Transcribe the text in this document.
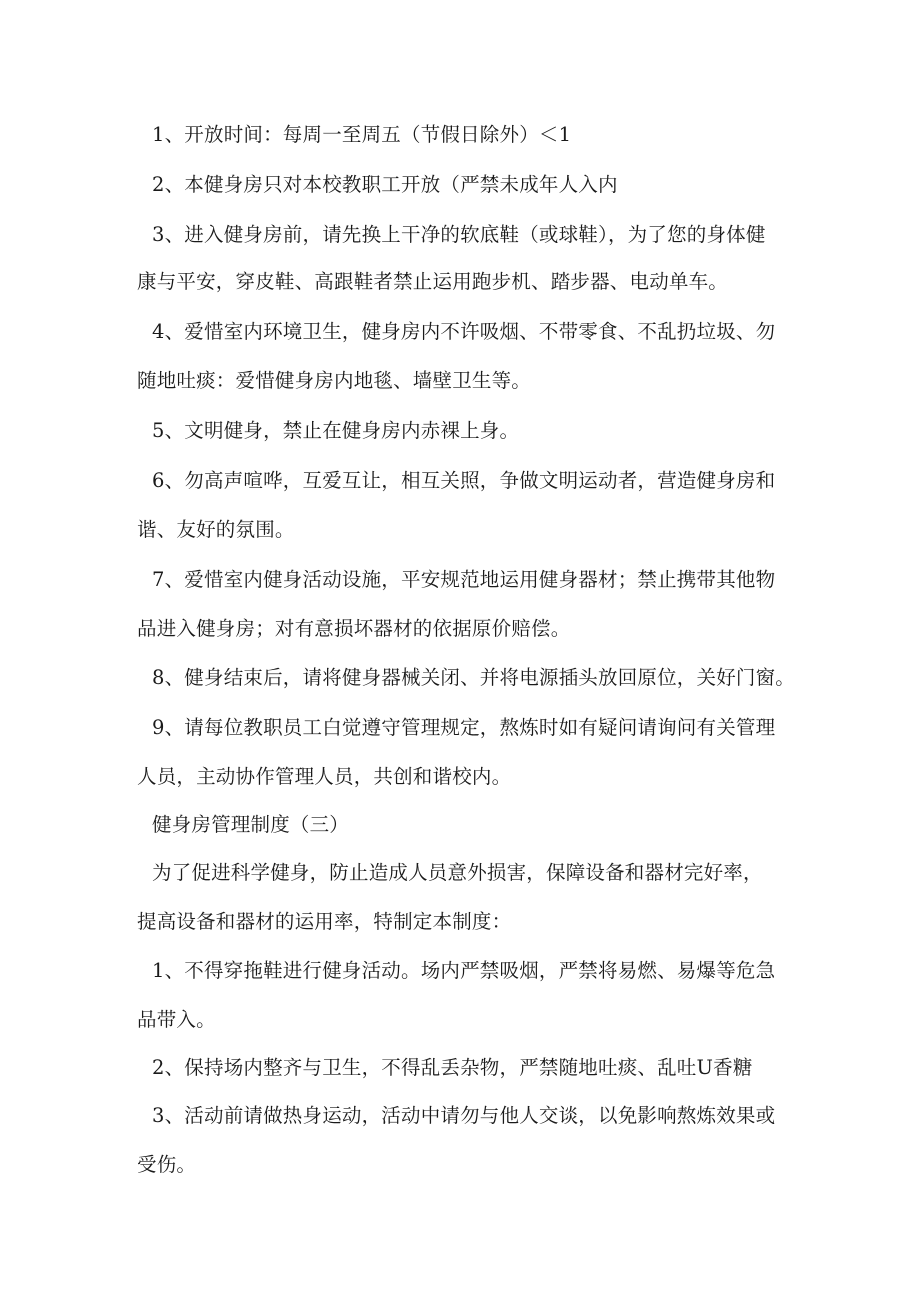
1、开放时间：每周一至周五（节假日除外）＜1
2、本健身房只对本校教职工开放（严禁未成年人入内
3、进入健身房前，请先换上干净的软底鞋（或球鞋），为了您的身体健
康与平安，穿皮鞋、高跟鞋者禁止运用跑步机、踏步器、电动单车。
4、爱惜室内环境卫生，健身房内不许吸烟、不带零食、不乱扔垃圾、勿
随地吐痰：爱惜健身房内地毯、墙壁卫生等。
5、文明健身，禁止在健身房内赤裸上身。
6、勿高声喧哗，互爱互让，相互关照，争做文明运动者，营造健身房和
谐、友好的氛围。
7、爱惜室内健身活动设施，平安规范地运用健身器材；禁止携带其他物
品进入健身房；对有意损坏器材的依据原价赔偿。
8、健身结束后，请将健身器械关闭、并将电源插头放回原位，关好门窗。
9、请每位教职员工白觉遵守管理规定，熬炼时如有疑问请询问有关管理
人员，主动协作管理人员，共创和谐校内。
健身房管理制度（三）
为了促进科学健身，防止造成人员意外损害，保障设备和器材完好率，
提高设备和器材的运用率，特制定本制度：
1、不得穿拖鞋进行健身活动。场内严禁吸烟，严禁将易燃、易爆等危急
品带入。
2、保持场内整齐与卫生，不得乱丢杂物，严禁随地吐痰、乱吐U香糖
3、活动前请做热身运动，活动中请勿与他人交谈，以免影响熬炼效果或
受伤。
